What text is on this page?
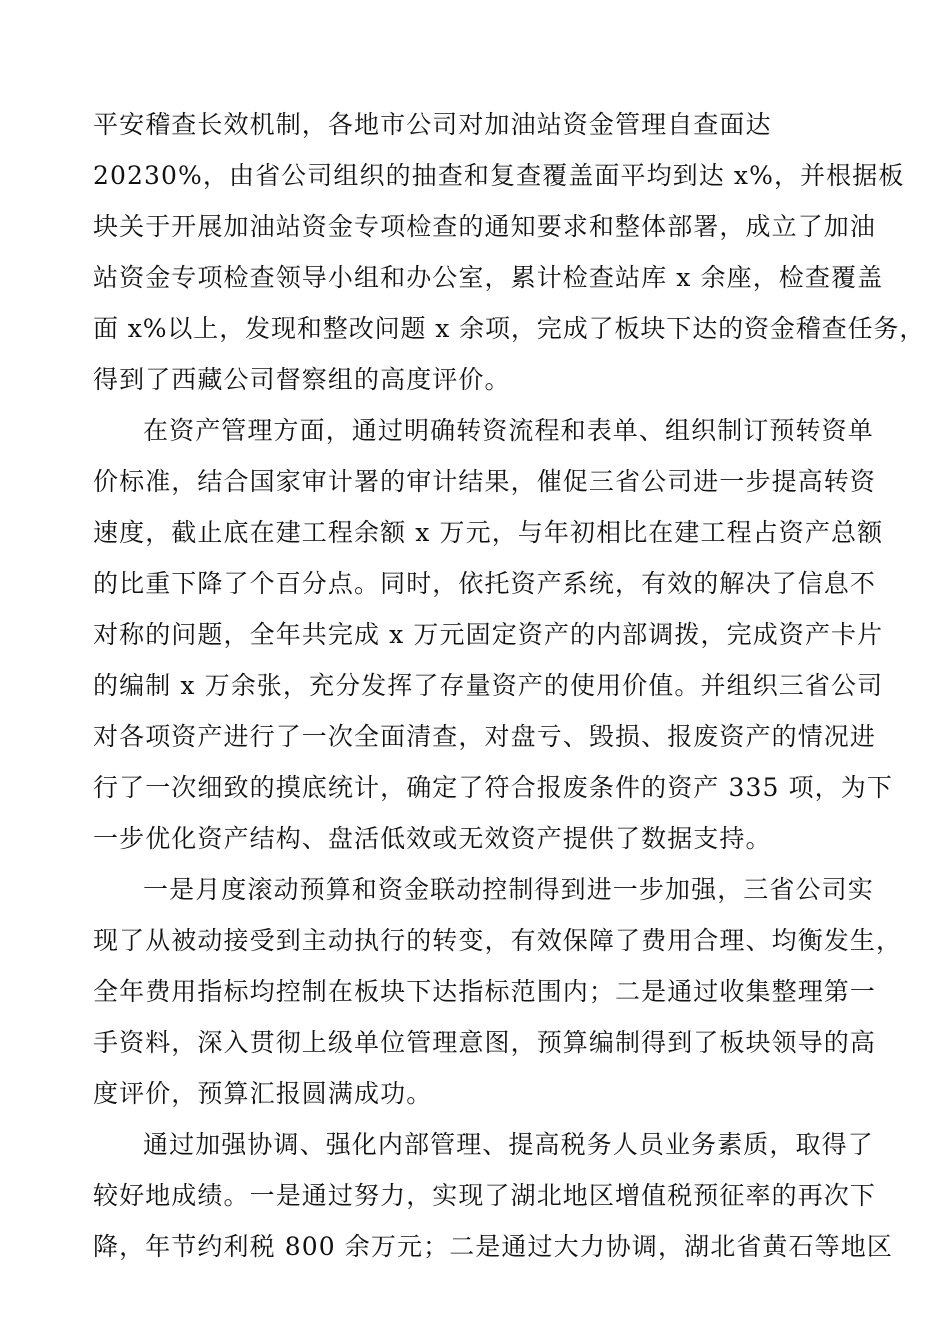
平安稽查长效机制，各地市公司对加油站资金管理自查面达
20230%，由省公司组织的抽查和复查覆盖面平均到达 x%，并根据板
块关于开展加油站资金专项检查的通知要求和整体部署，成立了加油
站资金专项检查领导小组和办公室，累计检查站库 x 余座，检查覆盖
面 x%以上，发现和整改问题 x 余项，完成了板块下达的资金稽查任务，
得到了西藏公司督察组的高度评价。
在资产管理方面，通过明确转资流程和表单、组织制订预转资单
价标准，结合国家审计署的审计结果，催促三省公司进一步提高转资
速度，截止底在建工程余额 x 万元，与年初相比在建工程占资产总额
的比重下降了个百分点。同时，依托资产系统，有效的解决了信息不
对称的问题，全年共完成 x 万元固定资产的内部调拨，完成资产卡片
的编制 x 万余张，充分发挥了存量资产的使用价值。并组织三省公司
对各项资产进行了一次全面清查，对盘亏、毁损、报废资产的情况进
行了一次细致的摸底统计，确定了符合报废条件的资产 335 项，为下
一步优化资产结构、盘活低效或无效资产提供了数据支持。
一是月度滚动预算和资金联动控制得到进一步加强，三省公司实
现了从被动接受到主动执行的转变，有效保障了费用合理、均衡发生，
全年费用指标均控制在板块下达指标范围内；二是通过收集整理第一
手资料，深入贯彻上级单位管理意图，预算编制得到了板块领导的高
度评价，预算汇报圆满成功。
通过加强协调、强化内部管理、提高税务人员业务素质，取得了
较好地成绩。一是通过努力，实现了湖北地区增值税预征率的再次下
降，年节约利税 800 余万元；二是通过大力协调，湖北省黄石等地区
